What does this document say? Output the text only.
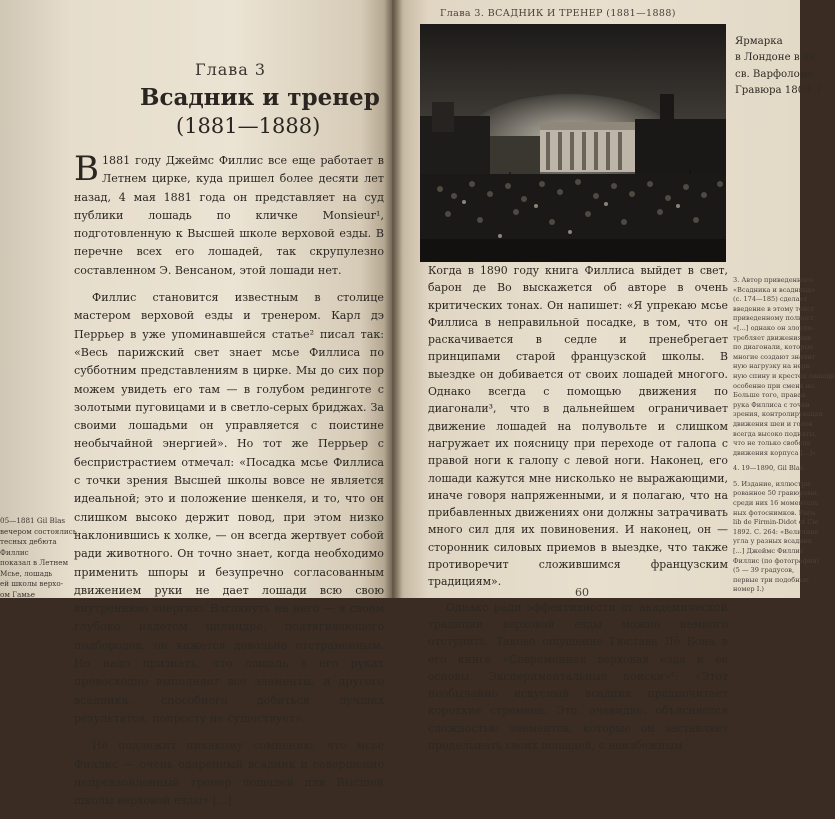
Глава 3
Всадник и тренер
(1881—1888)

В 1881 году Джеймс Филлис все еще работает в Летнем цирке, куда пришел более десяти лет назад, 4 мая 1881 года он представляет на суд публики лошадь по кличке Monsieur¹, подготовленную к Высшей школе верховой езды. В перечне всех его лошадей, так скрупулезно составленном Э. Венсаном, этой лошади нет.

Филлис становится известным в столице мастером верховой езды и тренером. Карл дэ Перрьер в уже упоминавшейся статье² писал так: «Весь парижский свет знает мсье Филлиса по субботним представлениям в цирке. Мы до сих пор можем увидеть его там — в голубом рединготе с золотыми пуговицами и в светло-серых бриджах. За своими лошадьми он управляется с поистине необычайной энергией». Но тот же Перрьер с беспристрастием отмечал: «Посадка мсье Филлиса с точки зрения Высшей школы вовсе не является идеальной; это и положение шенкеля, и то, что он слишком высоко держит повод, при этом низко наклонившись к холке, — он всегда жертвует собой ради животного. Он точно знает, когда необходимо применить шпоры и безупречно согласованным движением руки не дает лошади всю свою внутреннюю энергию. Взглянуть на него — в своем глубоко надетом цилиндре, подтягивающего подбородок, он кажется довольно отстраненным. Но надо признать, что лошадь в его руках превосходно выполняет все элементы, и другого всадника, способного добиться лучших результатов, попросту не существует».

Не подлежит никакому сомнению, что мсье Филлис — очень одаренный всадник и совершенно непревзойденный тренер лошадей для Высшей школы верховой езды» [...].

05—1881 Gil Blas
вечером состоялись
тесных дебюта
Филлис
показал в Летнем
Мсье, лошадь
ей школы верхо-
ом Гамье
Глава 3. ВСАДНИК И ТРЕНЕР (1881—1888)
Ярмарка
в Лондоне в де
св. Варфоломе
Гравюра 1808–1

Когда в 1890 году книга Филлиса выйдет в свет, барон де Во выскажется об авторе в очень критических тонах. Он напишет: «Я упрекаю мсье Филлиса в неправильной посадке, в том, что он раскачивается в седле и пренебрегает принципами старой французской школы. В выездке он добивается от своих лошадей многого. Однако всегда с помощью движения по диагонали³, что в дальнейшем ограничивает движение лошадей на полувольте и слишком нагружает их поясницу при переходе от галопа с правой ноги к галопу с левой ноги. Наконец, его лошади кажутся мне нисколько не выражающими, иначе говоря напряженными, и я полагаю, что на прибавленных движениях они должны затрачивать много сил для их повиновения. И наконец, он — сторонник силовых приемов в выездке, что также противоречит сложившимся французским традициям».

Однако ради эффективности от академической традиции верховой езды можно немного отступить. Таково ощущение Гюстава Лё Бона в его книге «Современная верховая езда и ее основы. Экспериментальные поиски»⁴: «Этот необычайно искусный всадник предпочитает короткие стремена. Это, очевидно, объясняется сложностью элементов, которые он заставляет проделывать своих лошадей, с неизбежным

3. Автор приведенного
«Всадника и всадница»
(с. 174—185) сделает
введение в этому текст
приведенному полност
«[...] однако он злоупо-
требляет движениями
по диагонали, которые
многие создают значит
ную нагрузку на нерв-
ную спину и крестец лошади
особенно при смене но
Больше того, правая
рука Филлиса с точки
зрения, контролирующая
движения шеи и голов
всегда высоко подняты,
что не только свобода
движения корпуса [...]»
4. 19—1890, Gil Blas.
5. Издание, иллюстри-
рованное 50 гравюрами,
среди них 16 моменталь
ных фотоснимков. Paris
lib de Firmin-Didot et Cie
1892. С. 264: «Величина
угла у разных всадник
[...] Джеймс Филлис
Филлис (по фотографии)
(5 — 39 градусов,
первые три подобные
номер I.)
60
